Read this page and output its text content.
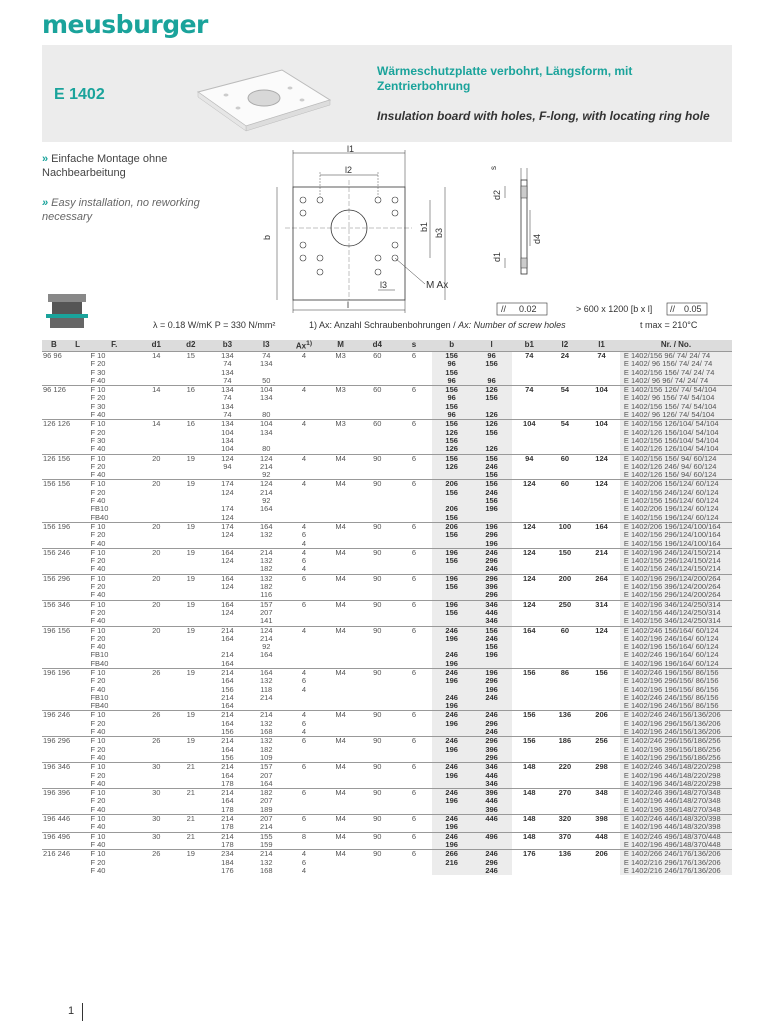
meusburger
E 1402
Wärmeschutzplatte verbohrt, Längsform, mit Zentrierbohrung
Insulation board with holes, F-long, with locating ring hole
» Einfache Montage ohne Nachbearbeitung
» Easy installation, no reworking necessary
l1
l2
b
b1
b3
l3
l
M Ax
d2
d4
d1
s
// 0.02	> 600 x 1200 [b x l] // 0.05
λ = 0.18 W/mK P = 330 N/mm²	1) Ax: Anzahl Schraubenbohrungen / Ax: Number of screw holes	t max = 210°C
B	L	F.	d1	d2	b3	l3	Ax$^{1)}$	M	d4	s	b	l	b1	l2	l1	Nr. / No.
96 96		F 10	14	15	134	74	4	M3	60	6	156	96	74	24	74	E 1402/156 96/ 74/ 24/ 74
		F 20			74	134					96	156				E 1402/ 96 156/ 74/ 24/ 74
		F 30			134						156					E 1402/156 156/ 74/ 24/ 74
		F 40			74	50					96	96				E 1402/ 96 96/ 74/ 24/ 74
96 126		F 10	14	16	134	104	4	M3	60	6	156	126	74	54	104	E 1402/156 126/ 74/ 54/104
		F 20			74	134					96	156				E 1402/ 96 156/ 74/ 54/104
		F 30			134						156					E 1402/156 156/ 74/ 54/104
		F 40			74	80					96	126				E 1402/ 96 126/ 74/ 54/104
126 126		F 10	14	16	134	104	4	M3	60	6	156	126	104	54	104	E 1402/156 126/104/ 54/104
		F 20			104	134					126	156				E 1402/126 156/104/ 54/104
		F 30			134						156					E 1402/156 156/104/ 54/104
		F 40			104	80					126	126				E 1402/126 126/104/ 54/104
126 156		F 10	20	19	124	124	4	M4	90	6	156	156	94	60	124	E 1402/156 156/ 94/ 60/124
		F 20			94	214					126	246				E 1402/126 246/ 94/ 60/124
		F 40				92						156				E 1402/126 156/ 94/ 60/124
156 156		F 10	20	19	174	124	4	M4	90	6	206	156	124	60	124	E 1402/206 156/124/ 60/124
		F 20			124	214					156	246				E 1402/156 246/124/ 60/124
		F 40				92						156				E 1402/156 156/124/ 60/124
		FB10			174	164					206	196				E 1402/206 196/124/ 60/124
		FB40			124						156					E 1402/156 196/124/ 60/124
156 196		F 10	20	19	174	164	4	M4	90	6	206	196	124	100	164	E 1402/206 196/124/100/164
		F 20			124	132	6				156	296				E 1402/156 296/124/100/164
		F 40					4					196				E 1402/156 196/124/100/164
156 246		F 10	20	19	164	214	4	M4	90	6	196	246	124	150	214	E 1402/196 246/124/150/214
		F 20			124	132	6				156	296				E 1402/156 296/124/150/214
		F 40				182	4					246				E 1402/156 246/124/150/214
156 296		F 10	20	19	164	132	6	M4	90	6	196	296	124	200	264	E 1402/196 296/124/200/264
		F 20			124	182					156	396				E 1402/156 396/124/200/264
		F 40				116						296				E 1402/156 296/124/200/264
156 346		F 10	20	19	164	157	6	M4	90	6	196	346	124	250	314	E 1402/196 346/124/250/314
		F 20			124	207					156	446				E 1402/156 446/124/250/314
		F 40				141						346				E 1402/156 346/124/250/314
196 156		F 10	20	19	214	124	4	M4	90	6	246	156	164	60	124	E 1402/246 156/164/ 60/124
		F 20			164	214					196	246				E 1402/196 246/164/ 60/124
		F 40				92						156				E 1402/196 156/164/ 60/124
		FB10			214	164					246	196				E 1402/246 196/164/ 60/124
		FB40			164						196					E 1402/196 196/164/ 60/124
196 196		F 10	26	19	214	164	4	M4	90	6	246	196	156	86	156	E 1402/246 196/156/ 86/156
		F 20			164	132	6				196	296				E 1402/196 296/156/ 86/156
		F 40			156	118	4					196				E 1402/196 196/156/ 86/156
		FB10			214	214					246	246				E 1402/246 246/156/ 86/156
		FB40			164						196					E 1402/196 246/156/ 86/156
196 246		F 10	26	19	214	214	4	M4	90	6	246	246	156	136	206	E 1402/246 246/156/136/206
		F 20			164	132	6				196	296				E 1402/196 296/156/136/206
		F 40			156	168	4					246				E 1402/196 246/156/136/206
196 296		F 10	26	19	214	132	6	M4	90	6	246	296	156	186	256	E 1402/246 296/156/186/256
		F 20			164	182					196	396				E 1402/196 396/156/186/256
		F 40			156	109						296				E 1402/196 296/156/186/256
196 346		F 10	30	21	214	157	6	M4	90	6	246	346	148	220	298	E 1402/246 346/148/220/298
		F 20			164	207					196	446				E 1402/196 446/148/220/298
		F 40			178	164						346				E 1402/196 346/148/220/298
196 396		F 10	30	21	214	182	6	M4	90	6	246	396	148	270	348	E 1402/246 396/148/270/348
		F 20			164	207					196	446				E 1402/196 446/148/270/348
		F 40			178	189						396				E 1402/196 396/148/270/348
196 446		F 10	30	21	214	207	6	M4	90	6	246	446	148	320	398	E 1402/246 446/148/320/398
		F 40			178	214					196					E 1402/196 446/148/320/398
196 496		F 10	30	21	214	155	8	M4	90	6	246	496	148	370	448	E 1402/246 496/148/370/448
		F 40			178	159					196					E 1402/196 496/148/370/448
216 246		F 10	26	19	234	214	4	M4	90	6	266	246	176	136	206	E 1402/266 246/176/136/206
		F 20			184	132	6				216	296				E 1402/216 296/176/136/206
		F 40			176	168	4					246				E 1402/216 246/176/136/206
1
